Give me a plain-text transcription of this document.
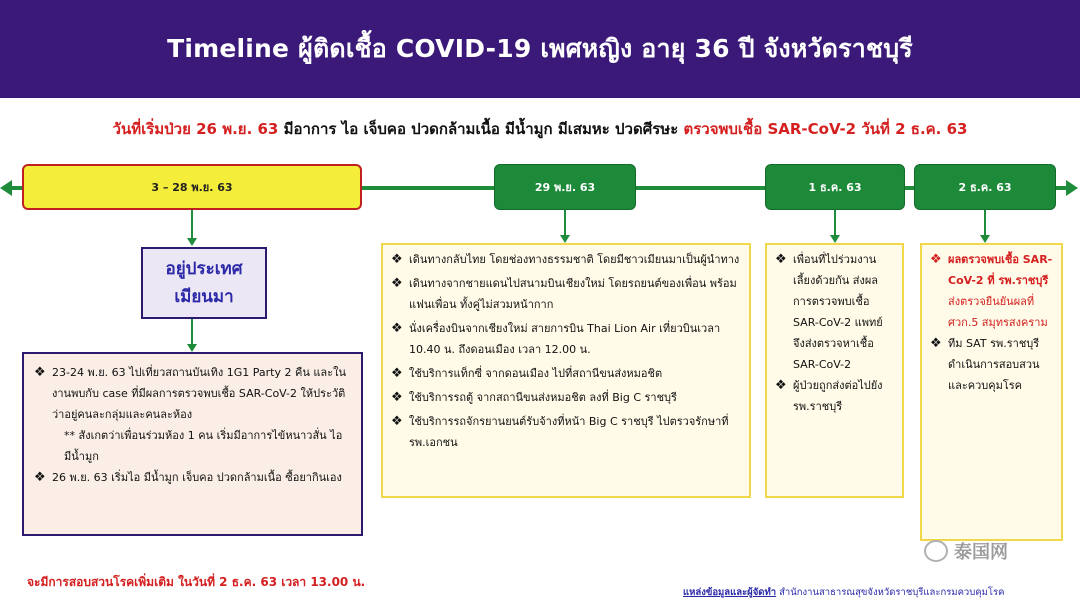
Timeline ผู้ติดเชื้อ COVID-19 เพศหญิง อายุ 36 ปี จังหวัดราชบุรี
วันที่เริ่มป่วย 26 พ.ย. 63 มีอาการ ไอ เจ็บคอ ปวดกล้ามเนื้อ มีน้ำมูก มีเสมหะ ปวดศีรษะ ตรวจพบเชื้อ SAR-CoV-2 วันที่ 2 ธ.ค. 63
3 – 28 พ.ย. 63	29 พ.ย. 63	1 ธ.ค. 63	2 ธ.ค. 63
อยู่ประเทศ
เมียนมา
❖ 23-24 พ.ย. 63 ไปเที่ยวสถานบันเทิง 1G1 Party 2 คืน และในงานพบกับ case ที่มีผลการตรวจพบเชื้อ SAR-CoV-2 ให้ประวัติว่าอยู่คนละกลุ่มและคนละห้อง
** สังเกตว่าเพื่อนร่วมห้อง 1 คน เริ่มมีอาการไข้หนาวสั่น ไอ มีน้ำมูก
❖ 26 พ.ย. 63 เริ่มไอ มีน้ำมูก เจ็บคอ ปวดกล้ามเนื้อ ซื้อยากินเอง
❖ เดินทางกลับไทย โดยช่องทางธรรมชาติ โดยมีชาวเมียนมาเป็นผู้นำทาง
❖ เดินทางจากชายแดนไปสนามบินเชียงใหม่ โดยรถยนต์ของเพื่อน พร้อมแฟนเพื่อน ทั้งคู่ไม่สวมหน้ากาก
❖ นั่งเครื่องบินจากเชียงใหม่ สายการบิน Thai Lion Air เที่ยวบินเวลา 10.40 น. ถึงดอนเมือง เวลา 12.00 น.
❖ ใช้บริการแท็กซี่ จากดอนเมือง ไปที่สถานีขนส่งหมอชิต
❖ ใช้บริการรถตู้ จากสถานีขนส่งหมอชิต ลงที่ Big C ราชบุรี
❖ ใช้บริการรถจักรยานยนต์รับจ้างที่หน้า Big C ราชบุรี ไปตรวจรักษาที่ รพ.เอกชน
❖ เพื่อนที่ไปร่วมงานเลี้ยงด้วยกัน ส่งผลการตรวจพบเชื้อ SAR-CoV-2 แพทย์จึงส่งตรวจหาเชื้อ SAR-CoV-2
❖ ผู้ป่วยถูกส่งต่อไปยัง รพ.ราชบุรี
❖ ผลตรวจพบเชื้อ SAR-CoV-2 ที่ รพ.ราชบุรี ส่งตรวจยืนยันผลที่ ศวก.5 สมุทรสงคราม
❖ ทีม SAT รพ.ราชบุรี ดำเนินการสอบสวนและควบคุมโรค
จะมีการสอบสวนโรคเพิ่มเติม ในวันที่ 2 ธ.ค. 63 เวลา 13.00 น.
แหล่งข้อมูลและผู้จัดทำ สำนักงานสาธารณสุขจังหวัดราชบุรีและกรมควบคุมโรค
泰国网
